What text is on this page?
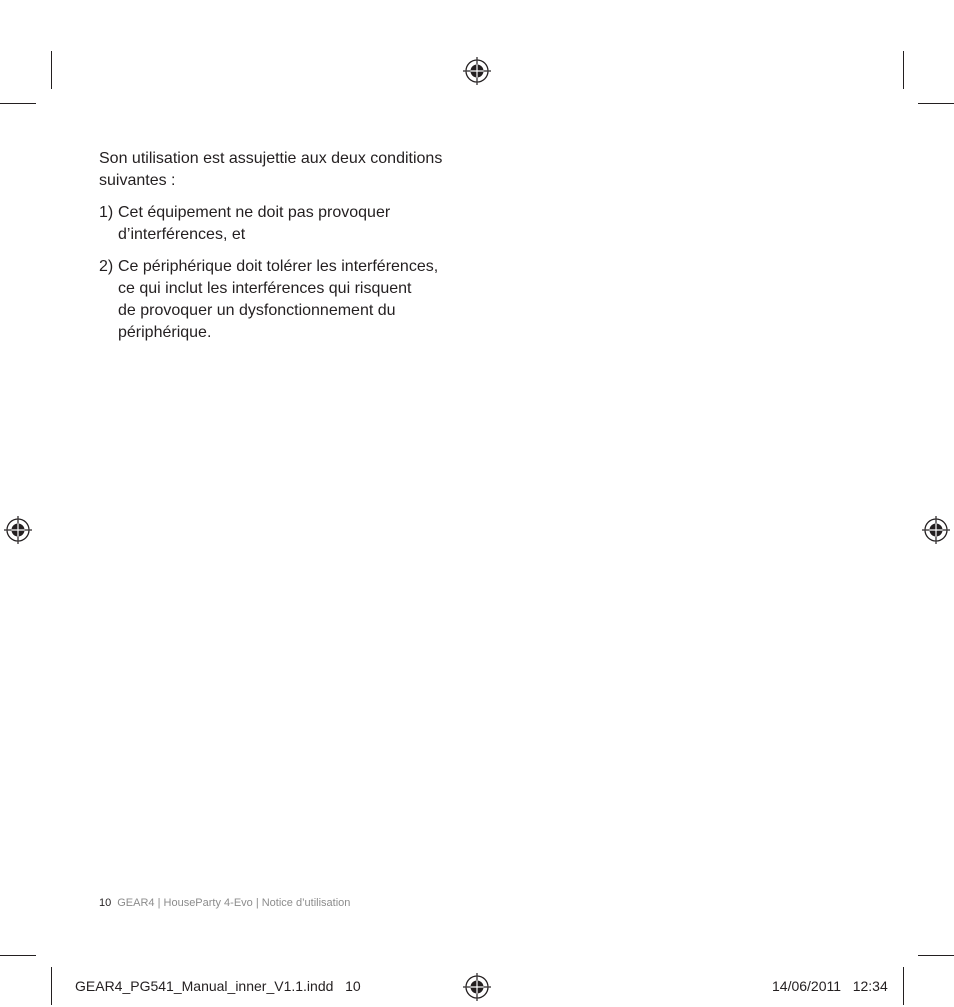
Son utilisation est assujettie aux deux conditions
suivantes :

1) Cet équipement ne doit pas provoquer
d’interférences, et
2) Ce périphérique doit tolérer les interférences,
ce qui inclut les interférences qui risquent
de provoquer un dysfonctionnement du
périphérique.
10 GEAR4 | HouseParty 4-Evo | Notice d’utilisation
GEAR4_PG541_Manual_inner_V1.1.indd   10	14/06/2011   12:34
